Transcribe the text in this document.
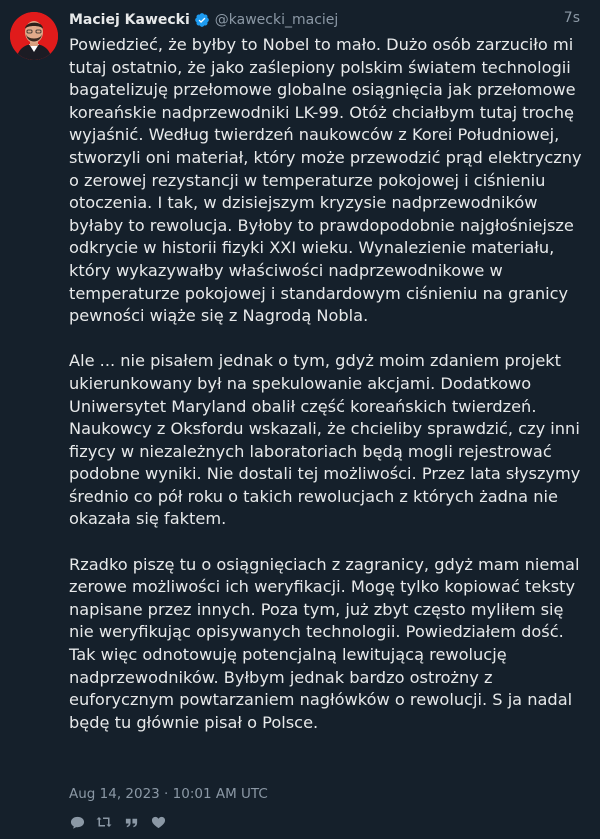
Maciej Kawecki @kawecki_maciej	7s

Powiedzieć, że byłby to Nobel to mało. Dużo osób zarzuciło mi tutaj ostatnio, że jako zaślepiony polskim światem technologii bagatelizuję przełomowe globalne osiągnięcia jak przełomowe koreańskie nadprzewodniki LK-99. Otóż chciałbym tutaj trochę wyjaśnić. Według twierdzeń naukowców z Korei Południowej, stworzyli oni materiał, który może przewodzić prąd elektryczny o zerowej rezystancji w temperaturze pokojowej i ciśnieniu otoczenia. I tak, w dzisiejszym kryzysie nadprzewodników byłaby to rewolucja. Byłoby to prawdopodobnie najgłośniejsze odkrycie w historii fizyki XXI wieku. Wynalezienie materiału, który wykazywałby właściwości nadprzewodnikowe w temperaturze pokojowej i standardowym ciśnieniu na granicy pewności wiąże się z Nagrodą Nobla.

Ale ... nie pisałem jednak o tym, gdyż moim zdaniem projekt ukierunkowany był na spekulowanie akcjami. Dodatkowo Uniwersytet Maryland obalił część koreańskich twierdzeń. Naukowcy z Oksfordu wskazali, że chcieliby sprawdzić, czy inni fizycy w niezależnych laboratoriach będą mogli rejestrować podobne wyniki. Nie dostali tej możliwości. Przez lata słyszymy średnio co pół roku o takich rewolucjach z których żadna nie okazała się faktem.

Rzadko piszę tu o osiągnięciach z zagranicy, gdyż mam niemal zerowe możliwości ich weryfikacji. Mogę tylko kopiować teksty napisane przez innych. Poza tym, już zbyt często myliłem się nie weryfikując opisywanych technologii. Powiedziałem dość. Tak więc odnotowuję potencjalną lewitującą rewolucję nadprzewodników. Byłbym jednak bardzo ostrożny z euforycznym powtarzaniem nagłówków o rewolucji. S ja nadal będę tu głównie pisał o Polsce.

Aug 14, 2023 · 10:01 AM UTC
